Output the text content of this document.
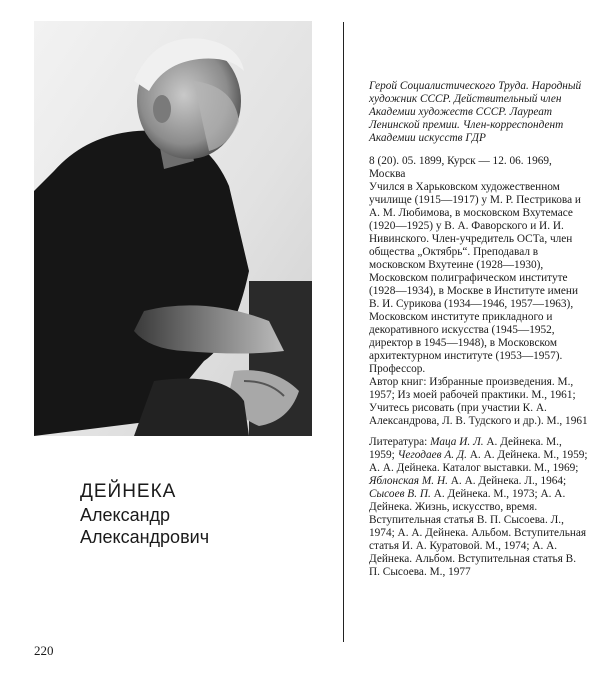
ДЕЙНЕКА
Александр
Александрович
220

Герой Социалистического Труда. Народный художник СССР. Действительный член Академии художеств СССР. Лауреат Ленинской премии. Член-корреспондент Академии искусств ГДР

8 (20). 05. 1899, Курск — 12. 06. 1969, Москва

Учился в Харьковском художественном училище (1915—1917) у М. Р. Пестрикова и А. М. Любимова, в московском Вхутемасе (1920—1925) у В. А. Фаворского и И. И. Нивинского. Член-учредитель ОСТа, член общества „Октябрь“. Преподавал в московском Вхутеине (1928—1930), Московском полиграфическом институте (1928—1934), в Москве в Институте имени В. И. Сурикова (1934—1946, 1957—1963), Московском институте прикладного и декоративного искусства (1945—1952, директор в 1945—1948), в Московском архитектурном институте (1953—1957). Профессор.

Автор книг: Избранные произведения. М., 1957; Из моей рабочей практики. М., 1961; Учитесь рисовать (при участии К. А. Александрова, Л. В. Тудского и др.). М., 1961

Литература: Маца И. Л. А. Дейнека. М., 1959; Чегодаев А. Д. А. А. Дейнека. М., 1959; А. А. Дейнека. Каталог выставки. М., 1969; Яблонская М. Н. А. А. Дейнека. Л., 1964; Сысоев В. П. А. Дейнека. М., 1973; А. А. Дейнека. Жизнь, искусство, время. Вступительная статья В. П. Сысоева. Л., 1974; А. А. Дейнека. Альбом. Вступительная статья И. А. Куратовой. М., 1974; А. А. Дейнека. Альбом. Вступительная статья В. П. Сысоева. М., 1977
